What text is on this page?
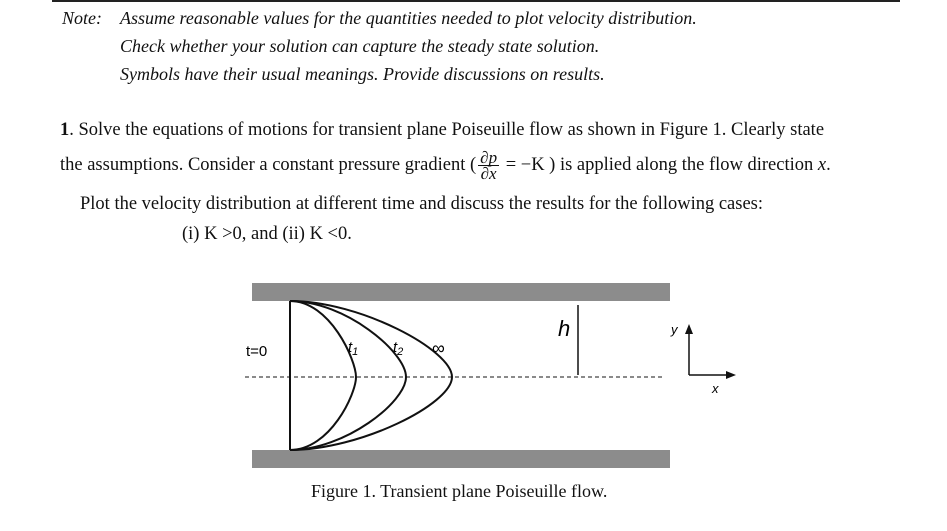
Note: Assume reasonable values for the quantities needed to plot velocity distribution.
Check whether your solution can capture the steady state solution.
Symbols have their usual meanings. Provide discussions on results.
1. Solve the equations of motions for transient plane Poiseuille flow as shown in Figure 1. Clearly state
the assumptions. Consider a constant pressure gradient ( $\frac{\partial p}{\partial x} = -K$ ) is applied along the flow direction x.
Plot the velocity distribution at different time and discuss the results for the following cases:
(i) K >0, and (ii) K <0.
t=0	$t_1$ $t_2$ ∞
h	y
x
Figure 1. Transient plane Poiseuille flow.
